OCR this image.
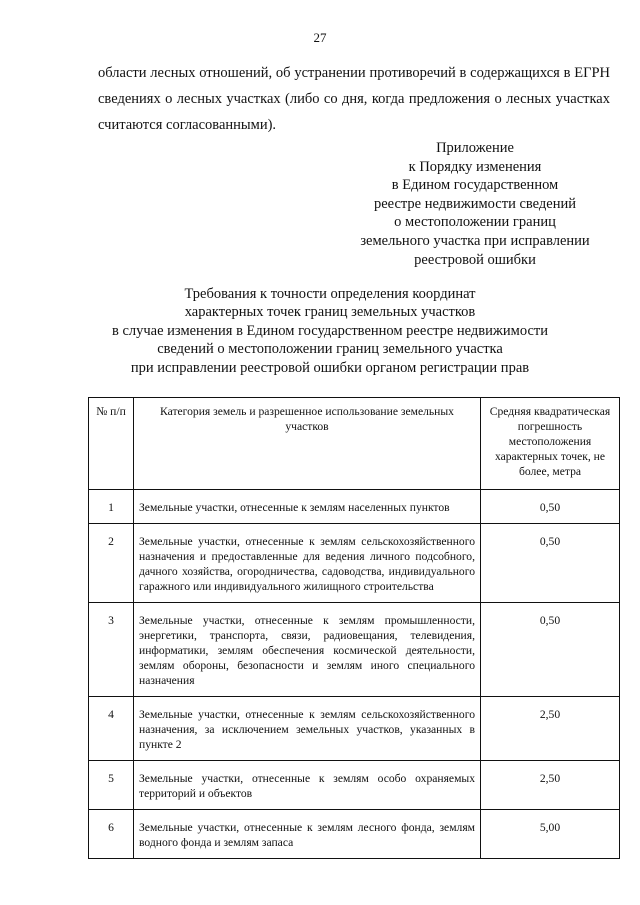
27

области лесных отношений, об устранении противоречий в содержащихся в ЕГРН сведениях о лесных участках (либо со дня, когда предложения о лесных участках считаются согласованными).

Приложение
к Порядку изменения
в Едином государственном
реестре недвижимости сведений
о местоположении границ
земельного участка при исправлении
реестровой ошибки
Требования к точности определения координат
характерных точек границ земельных участков
в случае изменения в Едином государственном реестре недвижимости
сведений о местоположении границ земельного участка
при исправлении реестровой ошибки органом регистрации прав
№ п/п	Категория земель и разрешенное использование земельных участков	Средняя квадратическая погрешность местоположения характерных точек, не более, метра
1	Земельные участки, отнесенные к землям населенных пунктов	0,50
2	Земельные участки, отнесенные к землям сельскохозяйственного назначения и предоставленные для ведения личного подсобного, дачного хозяйства, огородничества, садоводства, индивидуального гаражного или индивидуального жилищного строительства	0,50
3	Земельные участки, отнесенные к землям промышленности, энергетики, транспорта, связи, радиовещания, телевидения, информатики, землям обеспечения космической деятельности, землям обороны, безопасности и землям иного специального назначения	0,50
4	Земельные участки, отнесенные к землям сельскохозяйственного назначения, за исключением земельных участков, указанных в пункте 2	2,50
5	Земельные участки, отнесенные к землям особо охраняемых территорий и объектов	2,50
6	Земельные участки, отнесенные к землям лесного фонда, землям водного фонда и землям запаса	5,00
